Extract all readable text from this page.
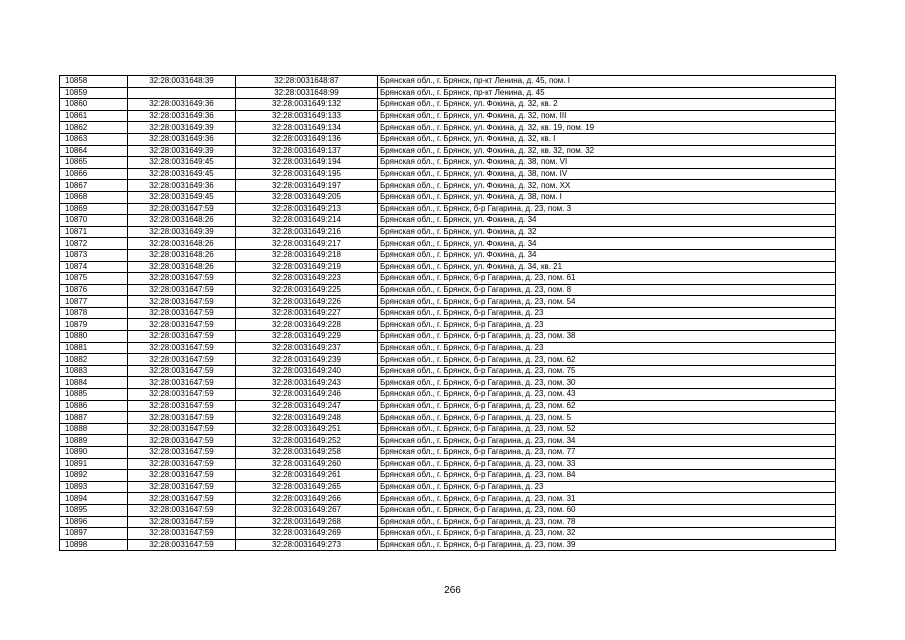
10858	32:28:0031648:39	32:28:0031648:87	Брянская обл., г. Брянск, пр-кт Ленина, д. 45, пом. I
10859		32:28:0031648:99	Брянская обл., г. Брянск, пр-кт Ленина, д. 45
10860	32:28:0031649:36	32:28:0031649:132	Брянская обл., г. Брянск, ул. Фокина, д. 32, кв. 2
10861	32:28:0031649:36	32:28:0031649:133	Брянская обл., г. Брянск, ул. Фокина, д. 32, пом. III
10862	32:28:0031649:39	32:28:0031649:134	Брянская обл., г. Брянск, ул. Фокина, д. 32, кв. 19, пом. 19
10863	32:28:0031649:36	32:28:0031649:136	Брянская обл., г. Брянск, ул. Фокина, д. 32, кв. I
10864	32:28:0031649:39	32:28:0031649:137	Брянская обл., г. Брянск, ул. Фокина, д. 32, кв. 32, пом. 32
10865	32:28:0031649:45	32:28:0031649:194	Брянская обл., г. Брянск, ул. Фокина, д. 38, пом. VI
10866	32:28:0031649:45	32:28:0031649:195	Брянская обл., г. Брянск, ул. Фокина, д. 38, пом. IV
10867	32:28:0031649:36	32:28:0031649:197	Брянская обл., г. Брянск, ул. Фокина, д. 32, пом. XX
10868	32:28:0031649:45	32:28:0031649:205	Брянская обл., г. Брянск, ул. Фокина, д. 38, пом. I
10869	32:28:0031647:59	32:28:0031649:213	Брянская обл., г. Брянск, б-р Гагарина, д. 23, пом. 3
10870	32:28:0031648:26	32:28:0031649:214	Брянская обл., г. Брянск, ул. Фокина, д. 34
10871	32:28:0031649:39	32:28:0031649:216	Брянская обл., г. Брянск, ул. Фокина, д. 32
10872	32:28:0031648:26	32:28:0031649:217	Брянская обл., г. Брянск, ул. Фокина, д. 34
10873	32:28:0031648:26	32:28:0031649:218	Брянская обл., г. Брянск, ул. Фокина, д. 34
10874	32:28:0031648:26	32:28:0031649:219	Брянская обл., г. Брянск, ул. Фокина, д. 34, кв. 21
10875	32:28:0031647:59	32:28:0031649:223	Брянская обл., г. Брянск, б-р Гагарина, д. 23, пом. 61
10876	32:28:0031647:59	32:28:0031649:225	Брянская обл., г. Брянск, б-р Гагарина, д. 23, пом. 8
10877	32:28:0031647:59	32:28:0031649:226	Брянская обл., г. Брянск, б-р Гагарина, д. 23, пом. 54
10878	32:28:0031647:59	32:28:0031649:227	Брянская обл., г. Брянск, б-р Гагарина, д. 23
10879	32:28:0031647:59	32:28:0031649:228	Брянская обл., г. Брянск, б-р Гагарина, д. 23
10880	32:28:0031647:59	32:28:0031649:229	Брянская обл., г. Брянск, б-р Гагарина, д. 23, пом. 38
10881	32:28:0031647:59	32:28:0031649:237	Брянская обл., г. Брянск, б-р Гагарина, д. 23
10882	32:28:0031647:59	32:28:0031649:239	Брянская обл., г. Брянск, б-р Гагарина, д. 23, пом. 62
10883	32:28:0031647:59	32:28:0031649:240	Брянская обл., г. Брянск, б-р Гагарина, д. 23, пом. 75
10884	32:28:0031647:59	32:28:0031649:243	Брянская обл., г. Брянск, б-р Гагарина, д. 23, пом. 30
10885	32:28:0031647:59	32:28:0031649:246	Брянская обл., г. Брянск, б-р Гагарина, д. 23, пом. 43
10886	32:28:0031647:59	32:28:0031649:247	Брянская обл., г. Брянск, б-р Гагарина, д. 23, пом. 62
10887	32:28:0031647:59	32:28:0031649:248	Брянская обл., г. Брянск, б-р Гагарина, д. 23, пом. 5
10888	32:28:0031647:59	32:28:0031649:251	Брянская обл., г. Брянск, б-р Гагарина, д. 23, пом. 52
10889	32:28:0031647:59	32:28:0031649:252	Брянская обл., г. Брянск, б-р Гагарина, д. 23, пом. 34
10890	32:28:0031647:59	32:28:0031649:258	Брянская обл., г. Брянск, б-р Гагарина, д. 23, пом. 77
10891	32:28:0031647:59	32:28:0031649:260	Брянская обл., г. Брянск, б-р Гагарина, д. 23, пом. 33
10892	32:28:0031647:59	32:28:0031649:261	Брянская обл., г. Брянск, б-р Гагарина, д. 23, пом. 84
10893	32:28:0031647:59	32:28:0031649:265	Брянская обл., г. Брянск, б-р Гагарина, д. 23
10894	32:28:0031647:59	32:28:0031649:266	Брянская обл., г. Брянск, б-р Гагарина, д. 23, пом. 31
10895	32:28:0031647:59	32:28:0031649:267	Брянская обл., г. Брянск, б-р Гагарина, д. 23, пом. 60
10896	32:28:0031647:59	32:28:0031649:268	Брянская обл., г. Брянск, б-р Гагарина, д. 23, пом. 78
10897	32:28:0031647:59	32:28:0031649:269	Брянская обл., г. Брянск, б-р Гагарина, д. 23, пом. 32
10898	32:28:0031647:59	32:28:0031649:273	Брянская обл., г. Брянск, б-р Гагарина, д. 23, пом. 39
266
